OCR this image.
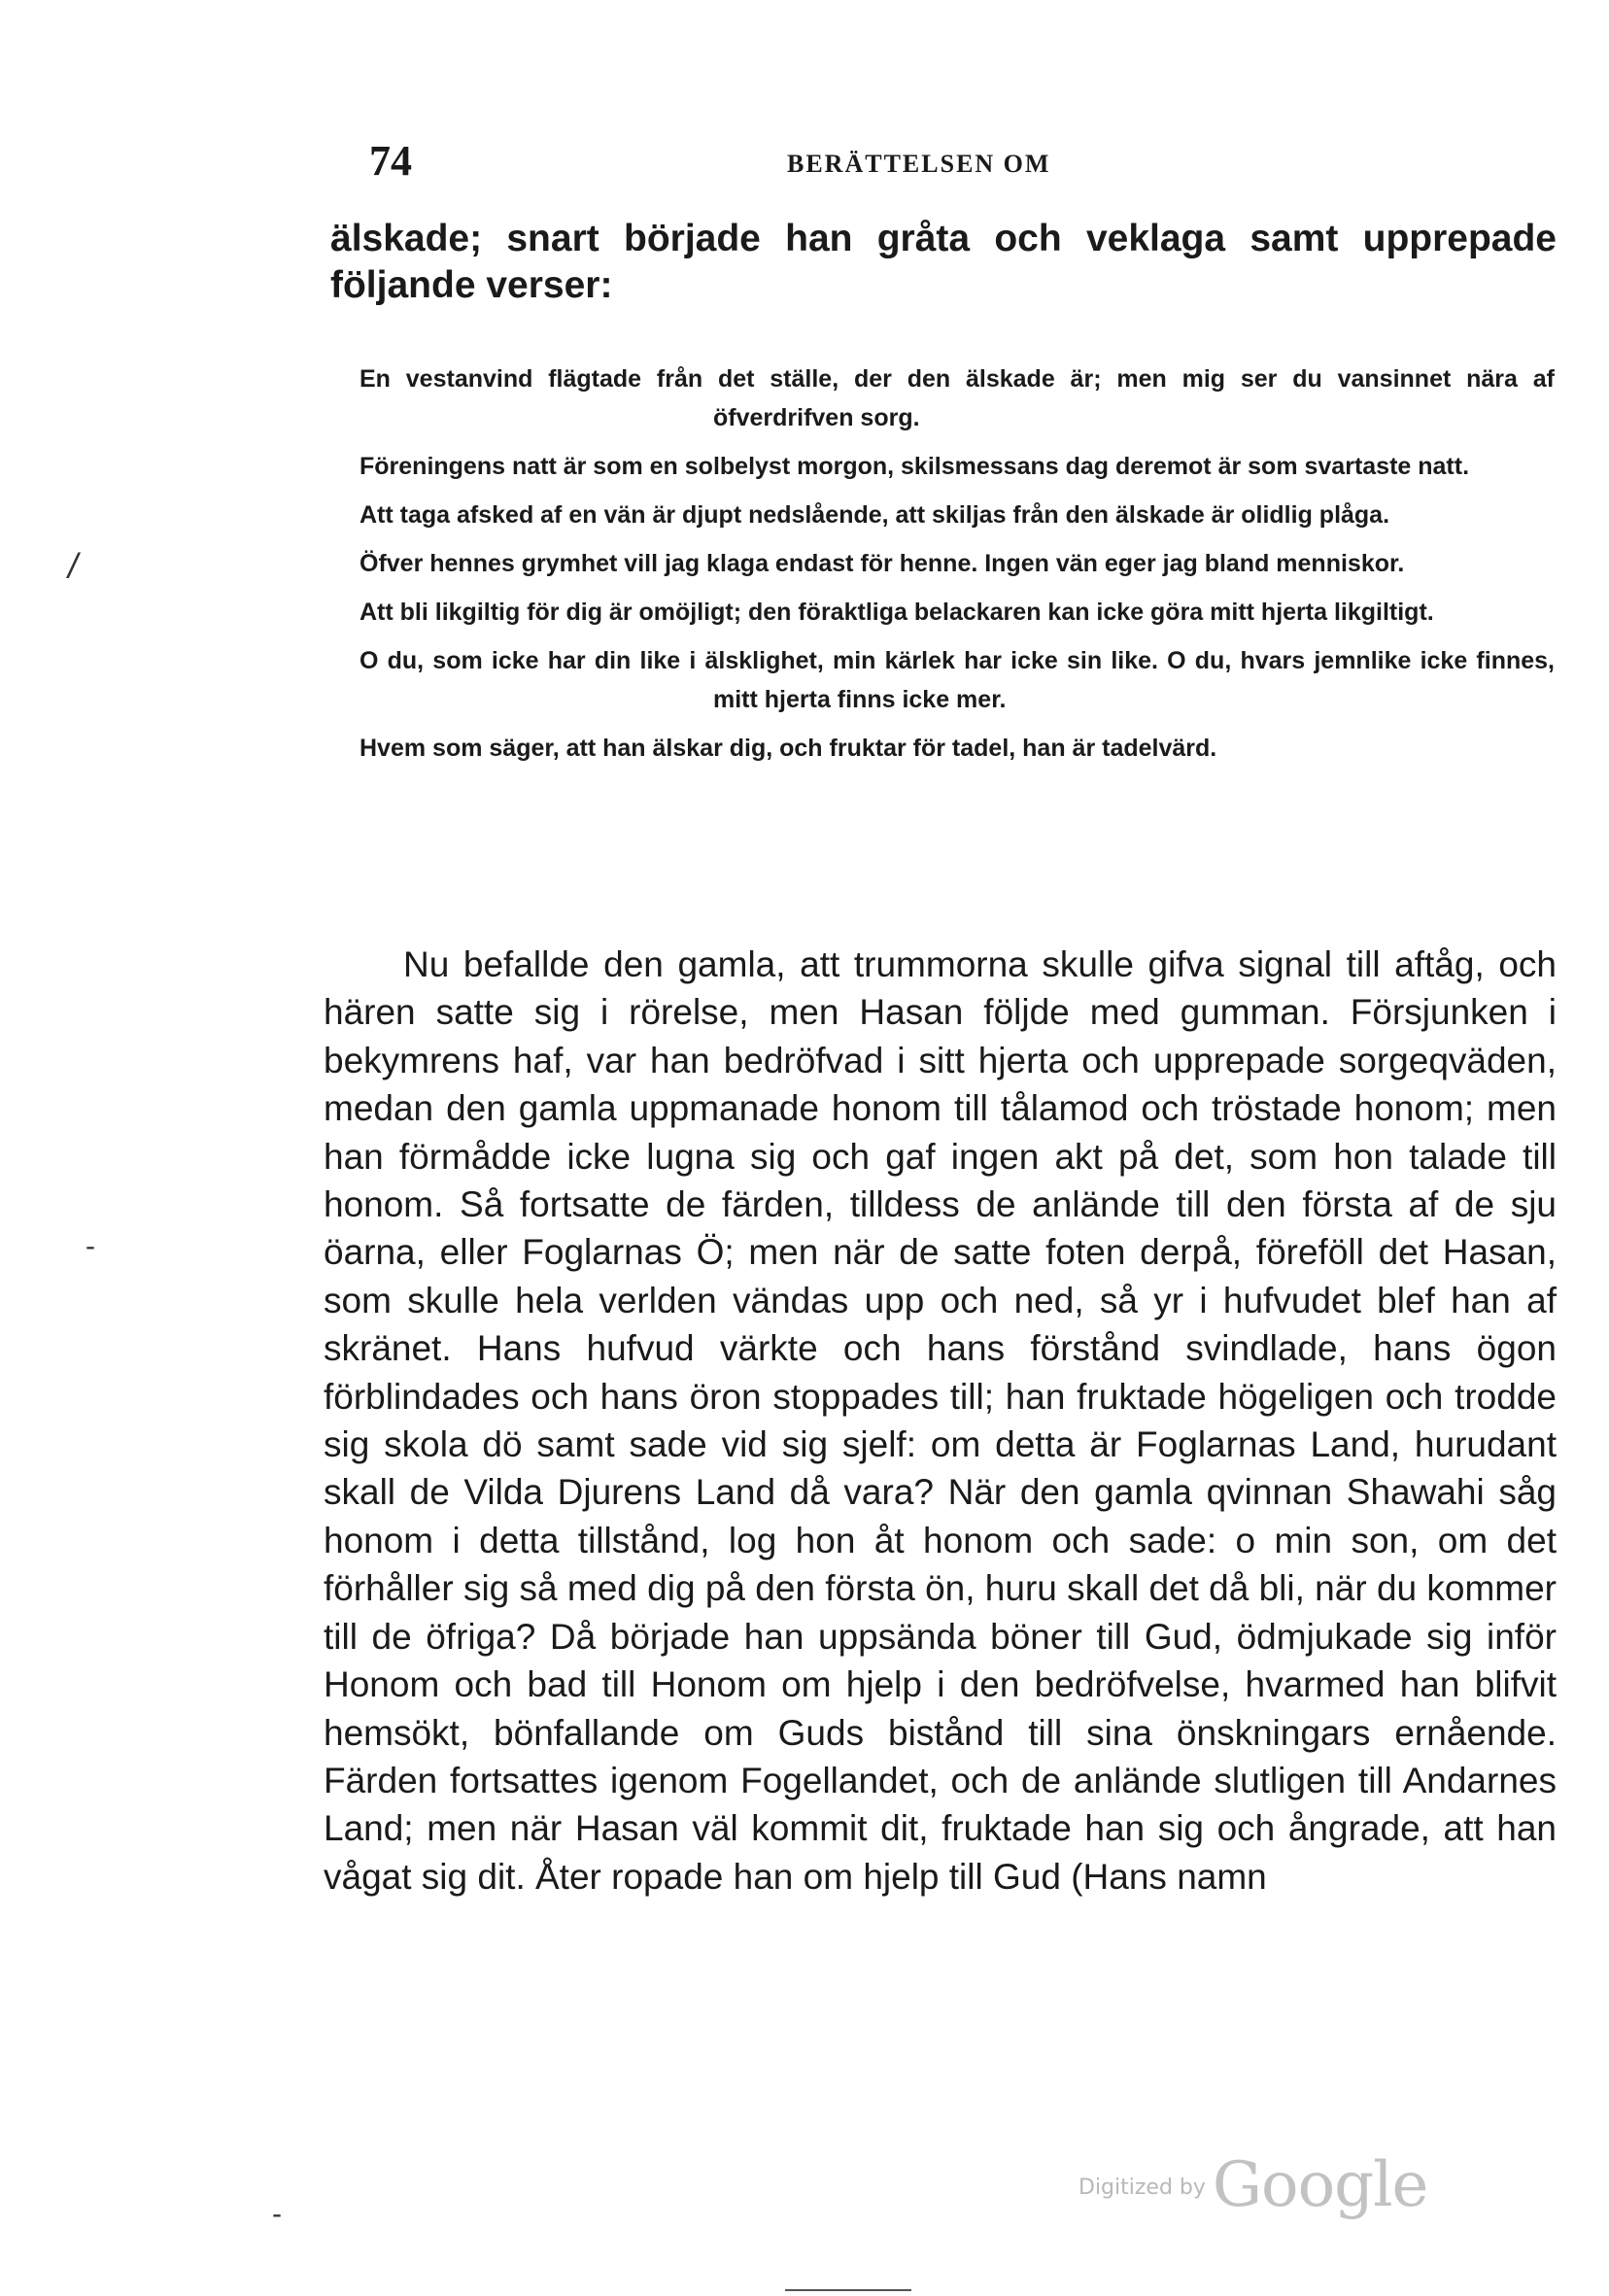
74	BERÄTTELSEN OM

älskade; snart började han gråta och veklaga samt upprepade följande verser:

En vestanvind flägtade från det ställe, der den älskade är; men mig ser du vansinnet nära af öfverdrifven sorg.

Föreningens natt är som en solbelyst morgon, skilsmessans dag deremot är som svartaste natt.

Att taga afsked af en vän är djupt nedslående, att skiljas från den älskade är olidlig plåga.

Öfver hennes grymhet vill jag klaga endast för henne. Ingen vän eger jag bland menniskor.

Att bli likgiltig för dig är omöjligt; den föraktliga belackaren kan icke göra mitt hjerta likgiltigt.

O du, som icke har din like i älsklighet, min kärlek har icke sin like. O du, hvars jemnlike icke finnes, mitt hjerta finns icke mer.

Hvem som säger, att han älskar dig, och fruktar för tadel, han är tadelvärd.

Nu befallde den gamla, att trummorna skulle gifva signal till aftåg, och hären satte sig i rörelse, men Hasan följde med gumman. Försjunken i bekymrens haf, var han bedröfvad i sitt hjerta och upprepade sorgeqväden, medan den gamla uppmanade honom till tålamod och tröstade honom; men han förmådde icke lugna sig och gaf ingen akt på det, som hon talade till honom. Så fortsatte de färden, tilldess de anlände till den första af de sju öarna, eller Foglarnas Ö; men när de satte foten derpå, föreföll det Hasan, som skulle hela verlden vändas upp och ned, så yr i hufvudet blef han af skränet. Hans hufvud värkte och hans förstånd svindlade, hans ögon förblindades och hans öron stoppades till; han fruktade högeligen och trodde sig skola dö samt sade vid sig sjelf: om detta är Foglarnas Land, hurudant skall de Vilda Djurens Land då vara? När den gamla qvinnan Shawahi såg honom i detta tillstånd, log hon åt honom och sade: o min son, om det förhåller sig så med dig på den första ön, huru skall det då bli, när du kommer till de öfriga? Då började han uppsända böner till Gud, ödmjukade sig inför Honom och bad till Honom om hjelp i den bedröfvelse, hvarmed han blifvit hemsökt, bönfallande om Guds bistånd till sina önskningars ernående. Färden fortsattes igenom Fogellandet, och de anlände slutligen till Andarnes Land; men när Hasan väl kommit dit, fruktade han sig och ångrade, att han vågat sig dit. Åter ropade han om hjelp till Gud (Hans namn

/
-
-
Digitized by Google
